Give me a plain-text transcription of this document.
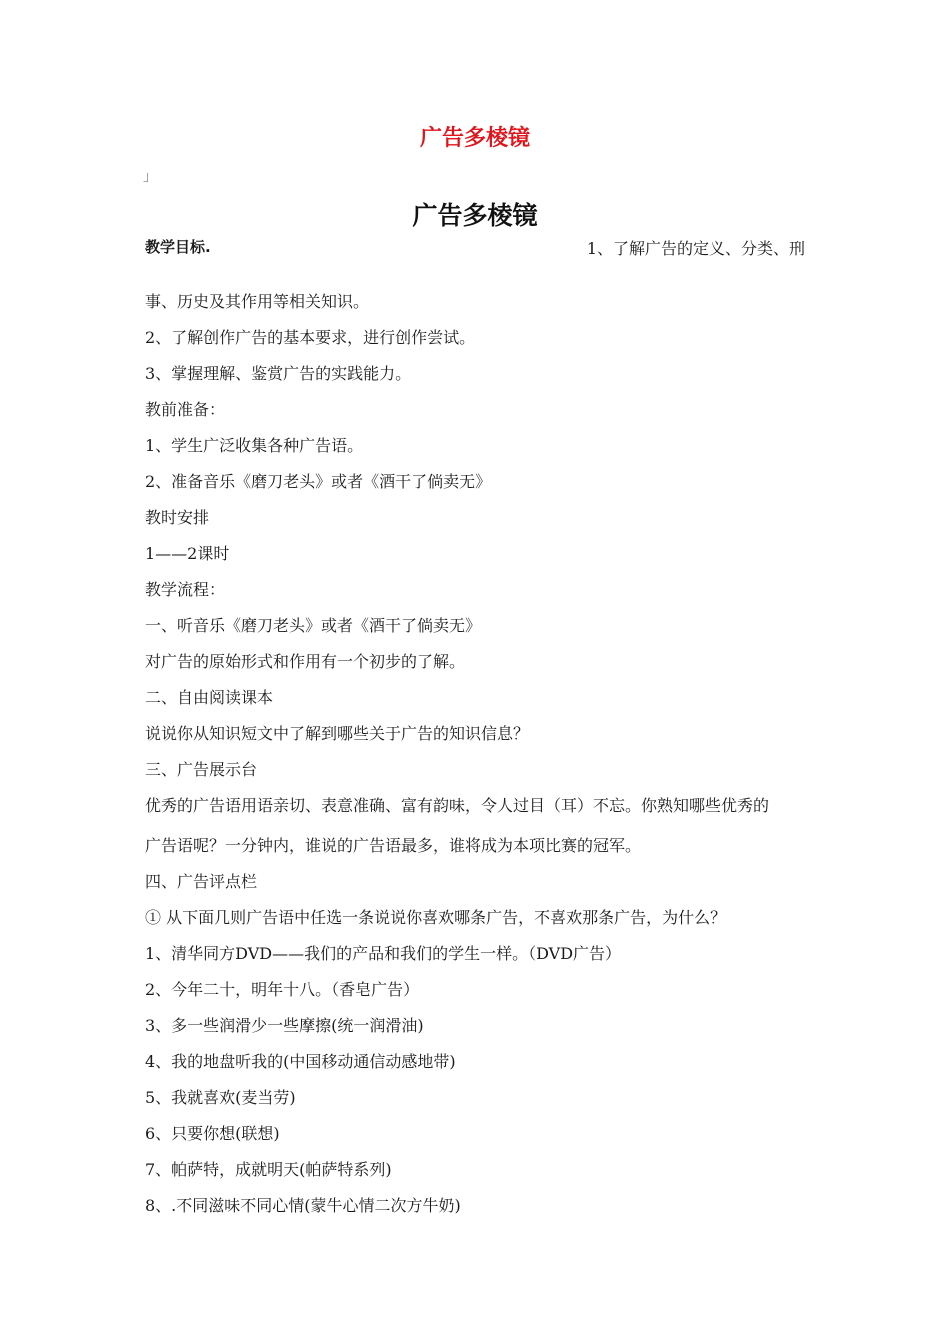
广告多棱镜
」
广告多棱镜
教学目标.	1、了解广告的定义、分类、刑
事、历史及其作用等相关知识。
2、了解创作广告的基本要求，进行创作尝试。
3、掌握理解、鉴赏广告的实践能力。
教前准备：
1、学生广泛收集各种广告语。
2、准备音乐《磨刀老头》或者《酒干了倘卖无》
教时安排
1——2课时
教学流程：
一、听音乐《磨刀老头》或者《酒干了倘卖无》
对广告的原始形式和作用有一个初步的了解。
二、自由阅读课本
说说你从知识短文中了解到哪些关于广告的知识信息？
三、广告展示台
优秀的广告语用语亲切、表意准确、富有韵味，令人过目（耳）不忘。你熟知哪些优秀的
广告语呢？一分钟内，谁说的广告语最多，谁将成为本项比赛的冠军。
四、广告评点栏
① 从下面几则广告语中任选一条说说你喜欢哪条广告，不喜欢那条广告，为什么？
1、清华同方DVD——我们的产品和我们的学生一样。（DVD广告）
2、今年二十，明年十八。（香皂广告）
3、多一些润滑少一些摩擦(统一润滑油)
4、我的地盘听我的(中国移动通信动感地带)
5、我就喜欢(麦当劳)
6、只要你想(联想)
7、帕萨特，成就明天(帕萨特系列)
8、.不同滋味不同心情(蒙牛心情二次方牛奶)
